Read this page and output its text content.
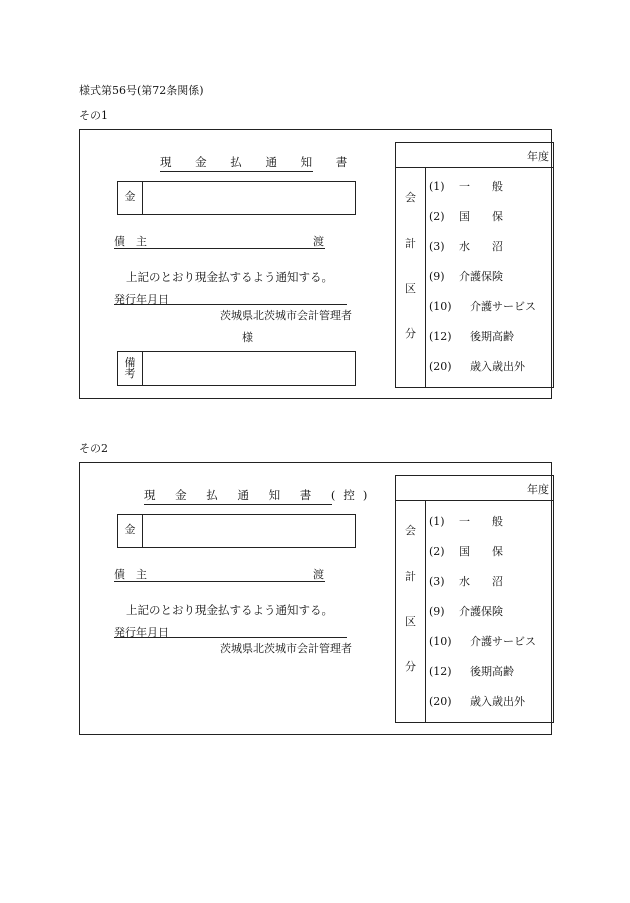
様式第56号(第72条関係)
その1
現 金 払 通 知 書
金
債 主	渡
上記のとおり現金払するよう通知する。
発行年月日
茨城県北茨城市会計管理者
様
備
考
年度
会
計
区
分
(1) 一　　般
(2) 国　　保
(3) 水　　沼
(9) 介護保険
(10)　介護サービス
(12)　後期高齢
(20)　歳入歳出外
その2
現 金 払 通 知 書 (控)
金
債 主	渡
上記のとおり現金払するよう通知する。
発行年月日
茨城県北茨城市会計管理者
年度
会
計
区
分
(1) 一　　般
(2) 国　　保
(3) 水　　沼
(9) 介護保険
(10)　介護サービス
(12)　後期高齢
(20)　歳入歳出外
